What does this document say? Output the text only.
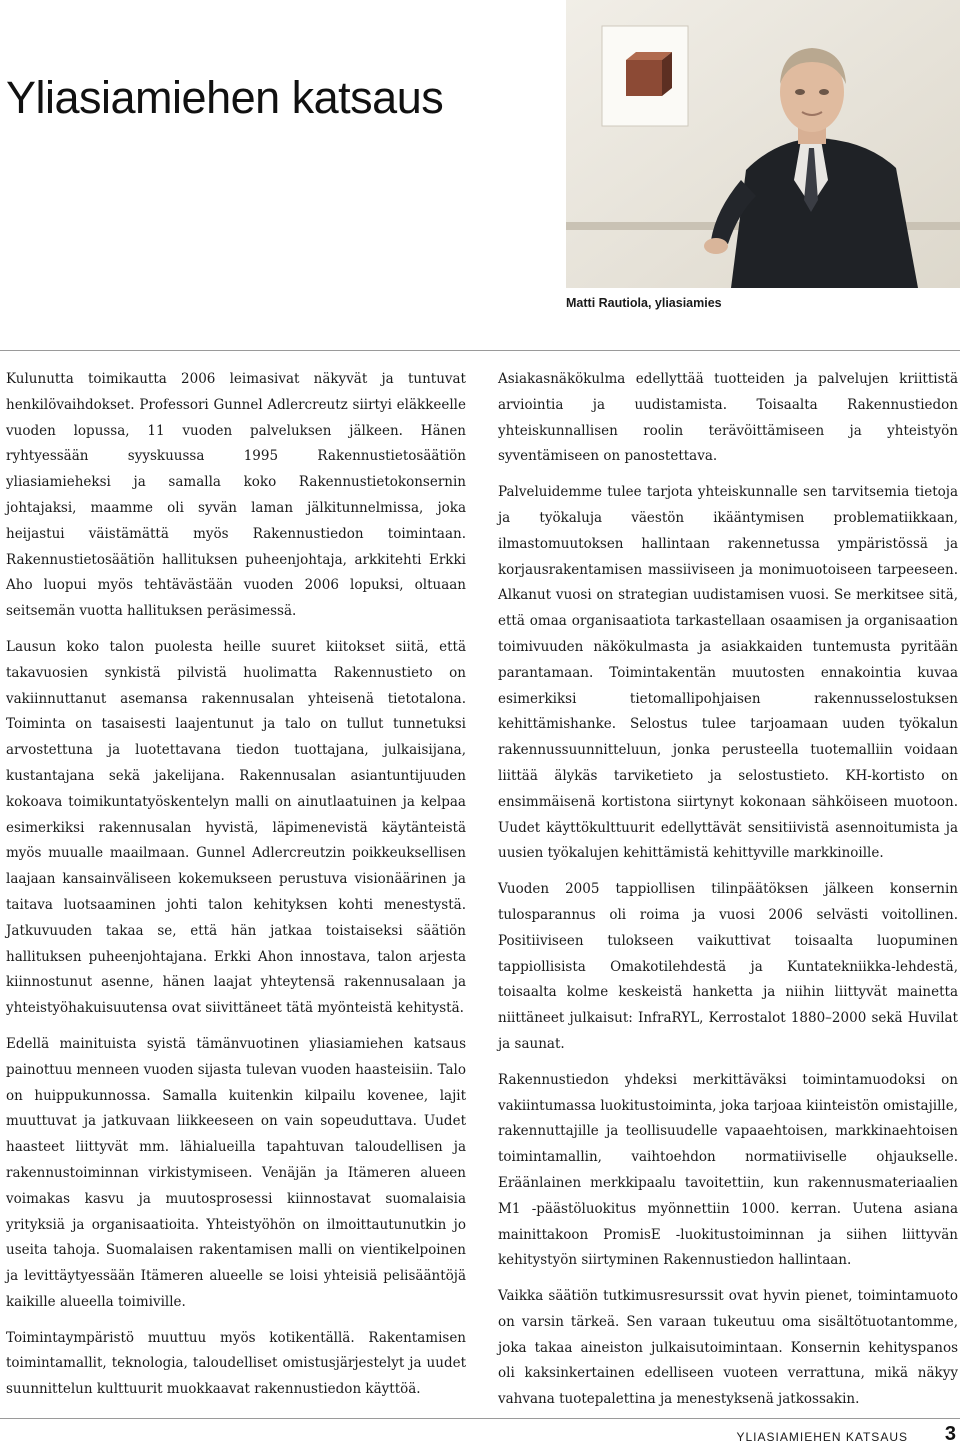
Yliasiamiehen katsaus

Matti Rautiola, yliasiamies

Kulunutta toimikautta 2006 leimasivat näkyvät ja tuntuvat henkilövaihdokset. Professori Gunnel Adlercreutz siirtyi eläkkeelle vuoden lopussa, 11 vuoden palveluksen jälkeen. Hänen ryhtyessään syyskuussa 1995 Rakennustietosäätiön yliasiamieheksi ja samalla koko Rakennustietokonsernin johtajaksi, maamme oli syvän laman jälkitunnelmissa, joka heijastui väistämättä myös Rakennustiedon toimintaan. Rakennustietosäätiön hallituksen puheenjohtaja, arkkitehti Erkki Aho luopui myös tehtävästään vuoden 2006 lopuksi, oltuaan seitsemän vuotta hallituksen peräsimessä.

Lausun koko talon puolesta heille suuret kiitokset siitä, että takavuosien synkistä pilvistä huolimatta Rakennustieto on vakiinnuttanut asemansa rakennusalan yhteisenä tietotalona. Toiminta on tasaisesti laajentunut ja talo on tullut tunnetuksi arvostettuna ja luotettavana tiedon tuottajana, julkaisijana, kustantajana sekä jakelijana. Rakennusalan asiantuntijuuden kokoava toimikuntatyöskentelyn malli on ainutlaatuinen ja kelpaa esimerkiksi rakennusalan hyvistä, läpimenevistä käytänteistä myös muualle maailmaan. Gunnel Adlercreutzin poikkeuksellisen laajaan kansainväliseen kokemukseen perustuva visionäärinen ja taitava luotsaaminen johti talon kehityksen kohti menestystä. Jatkuvuuden takaa se, että hän jatkaa toistaiseksi säätiön hallituksen puheenjohtajana. Erkki Ahon innostava, talon arjesta kiinnostunut asenne, hänen laajat yhteytensä rakennusalaan ja yhteistyöhakuisuutensa ovat siivittäneet tätä myönteistä kehitystä.

Edellä mainituista syistä tämänvuotinen yliasiamiehen katsaus painottuu menneen vuoden sijasta tulevan vuoden haasteisiin. Talo on huippukunnossa. Samalla kuitenkin kilpailu kovenee, lajit muuttuvat ja jatkuvaan liikkeeseen on vain sopeuduttava. Uudet haasteet liittyvät mm. lähialueilla tapahtuvan taloudellisen ja rakennustoiminnan virkistymiseen. Venäjän ja Itämeren alueen voimakas kasvu ja muutosprosessi kiinnostavat suomalaisia yrityksiä ja organisaatioita. Yhteistyöhön on ilmoittautunutkin jo useita tahoja. Suomalaisen rakentamisen malli on vientikelpoinen ja levittäytyessään Itämeren alueelle se loisi yhteisiä pelisääntöjä kaikille alueella toimiville.

Toimintaympäristö muuttuu myös kotikentällä. Rakentamisen toimintamallit, teknologia, taloudelliset omistusjärjestelyt ja uudet suunnittelun kulttuurit muokkaavat rakennustiedon käyttöä.

Asiakasnäkökulma edellyttää tuotteiden ja palvelujen kriittistä arviointia ja uudistamista. Toisaalta Rakennustiedon yhteiskunnallisen roolin terävöittämiseen ja yhteistyön syventämiseen on panostettava.

Palveluidemme tulee tarjota yhteiskunnalle sen tarvitsemia tietoja ja työkaluja väestön ikääntymisen problematiikkaan, ilmastomuutoksen hallintaan rakennetussa ympäristössä ja korjausrakentamisen massiiviseen ja monimuotoiseen tarpeeseen. Alkanut vuosi on strategian uudistamisen vuosi. Se merkitsee sitä, että omaa organisaatiota tarkastellaan osaamisen ja organisaation toimivuuden näkökulmasta ja asiakkaiden tuntemusta pyritään parantamaan. Toimintakentän muutosten ennakointia kuvaa esimerkiksi tietomallipohjaisen rakennusselostuksen kehittämishanke. Selostus tulee tarjoamaan uuden työkalun rakennussuunnitteluun, jonka perusteella tuotemalliin voidaan liittää älykäs tarviketieto ja selostustieto. KH-kortisto on ensimmäisenä kortistona siirtynyt kokonaan sähköiseen muotoon. Uudet käyttökulttuurit edellyttävät sensitiivistä asennoitumista ja uusien työkalujen kehittämistä kehittyville markkinoille.

Vuoden 2005 tappiollisen tilinpäätöksen jälkeen konsernin tulosparannus oli roima ja vuosi 2006 selvästi voitollinen. Positiiviseen tulokseen vaikuttivat toisaalta luopuminen tappiollisista Omakotilehdestä ja Kuntatekniikka-lehdestä, toisaalta kolme keskeistä hanketta ja niihin liittyvät mainetta niittäneet julkaisut: InfraRYL, Kerrostalot 1880–2000 sekä Huvilat ja saunat.

Rakennustiedon yhdeksi merkittäväksi toimintamuodoksi on vakiintumassa luokitustoiminta, joka tarjoaa kiinteistön omistajille, rakennuttajille ja teollisuudelle vapaaehtoisen, markkinaehtoisen toimintamallin, vaihtoehdon normatiiviselle ohjaukselle. Eräänlainen merkkipaalu tavoitettiin, kun rakennusmateriaalien M1 -päästöluokitus myönnettiin 1000. kerran. Uutena asiana mainittakoon PromisE -luokitustoiminnan ja siihen liittyvän kehitystyön siirtyminen Rakennustiedon hallintaan.

Vaikka säätiön tutkimusresurssit ovat hyvin pienet, toimintamuoto on varsin tärkeä. Sen varaan tukeutuu oma sisältötuotantomme, joka takaa aineiston julkaisutoimintaan. Konsernin kehityspanos oli kaksinkertainen edelliseen vuoteen verrattuna, mikä näkyy vahvana tuotepalettina ja menestyksenä jatkossakin.

YLIASIAMIEHEN KATSAUS 3
